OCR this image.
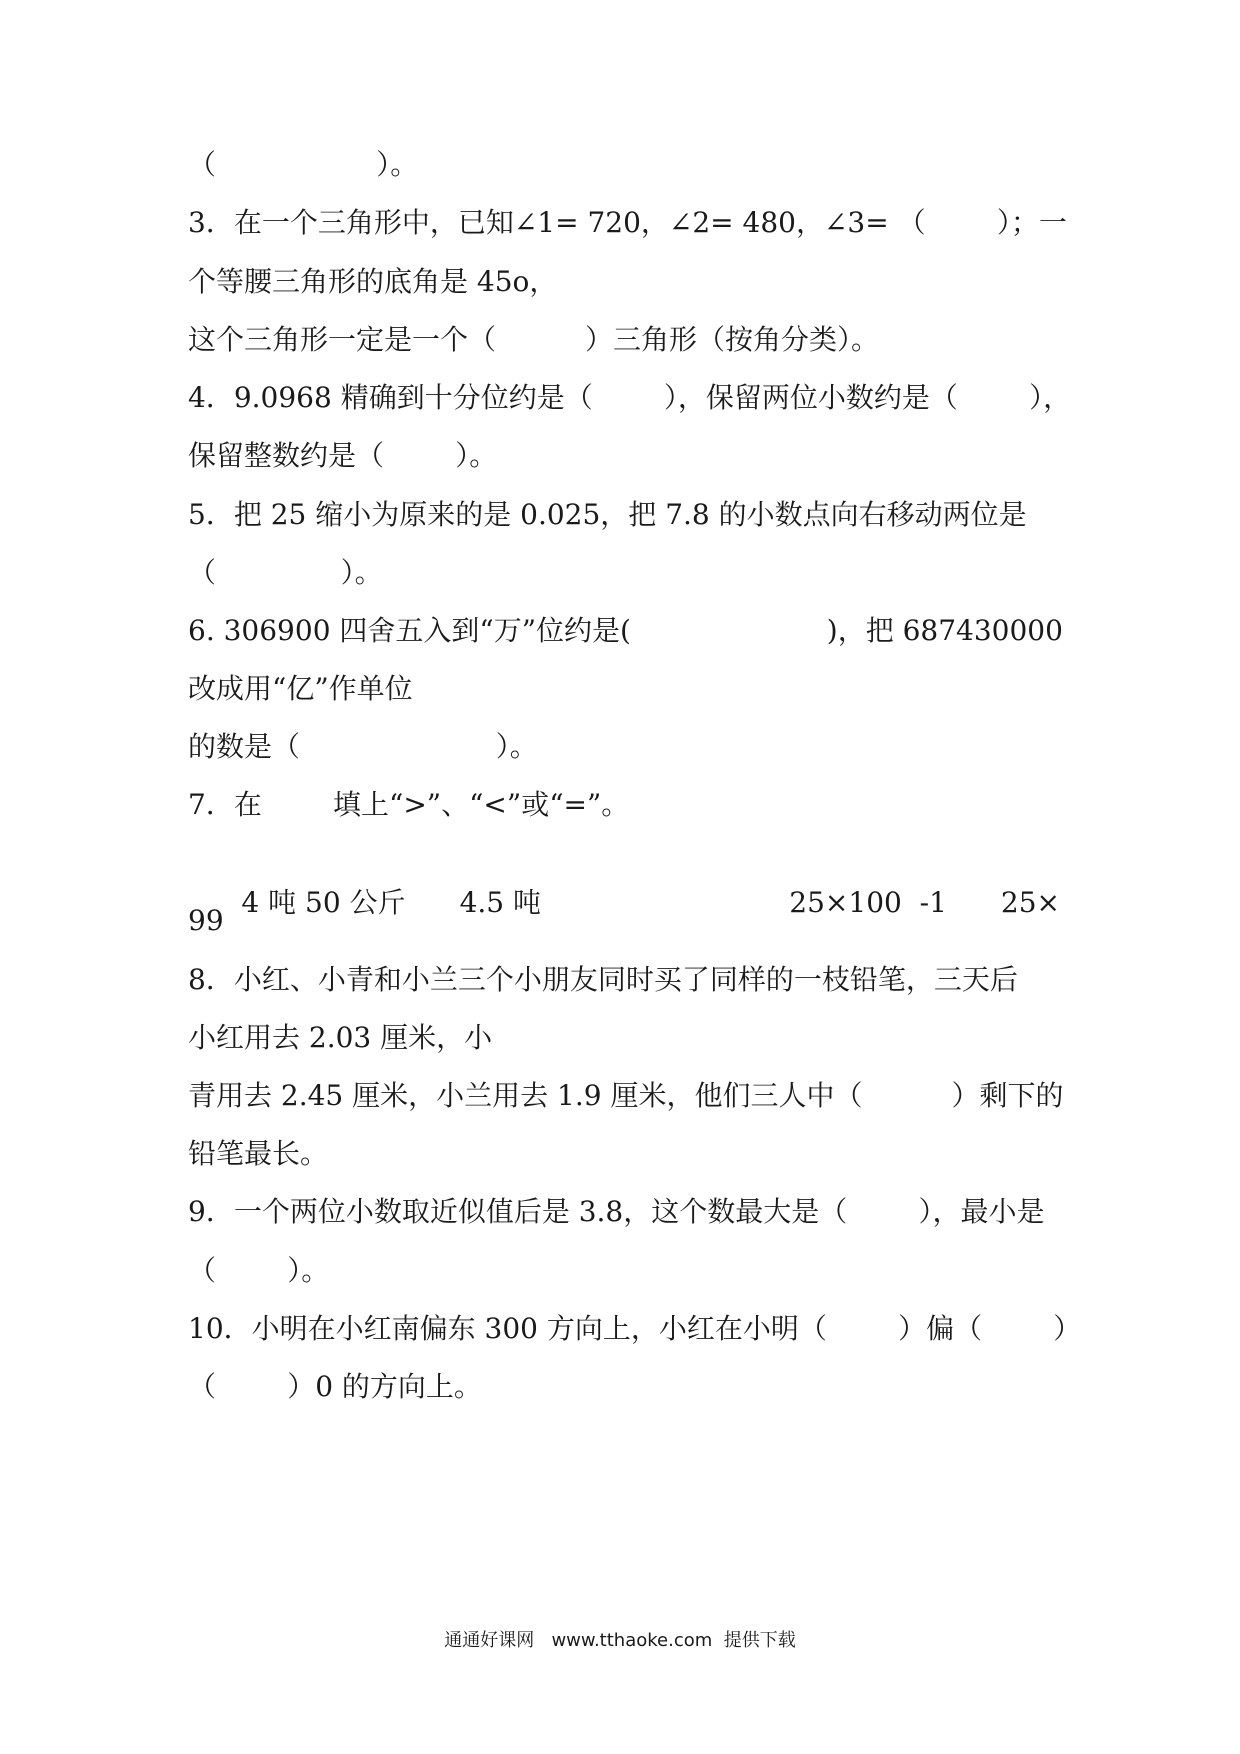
（                  ）。
3．在一个三角形中，已知∠1= 720，∠2= 480，∠3= （        ）；一
个等腰三角形的底角是 45o，
这个三角形一定是一个（          ）三角形（按角分类）。
4．9.0968 精确到十分位约是（        ），保留两位小数约是（        ），
保留整数约是（        ）。
5．把 25 缩小为原来的是 0.025，把 7.8 的小数点向右移动两位是
（              ）。
6. 306900 四舍五入到“万”位约是(                      )，把 687430000
改成用“亿”作单位
的数是（                      ）。
7．在        填上“>”、“<”或“=”。

4 吨 50 公斤 4.5 吨
	25×100  -1 25×

99
8．小红、小青和小兰三个小朋友同时买了同样的一枝铅笔，三天后
小红用去 2.03 厘米，小
青用去 2.45 厘米，小兰用去 1.9 厘米，他们三人中（          ）剩下的
铅笔最长。
9．一个两位小数取近似值后是 3.8，这个数最大是（        ），最小是
（        ）。
10．小明在小红南偏东 300 方向上，小红在小明（        ）偏（        ）
（        ）0 的方向上。
通通好课网   www.tthaoke.com  提供下载
